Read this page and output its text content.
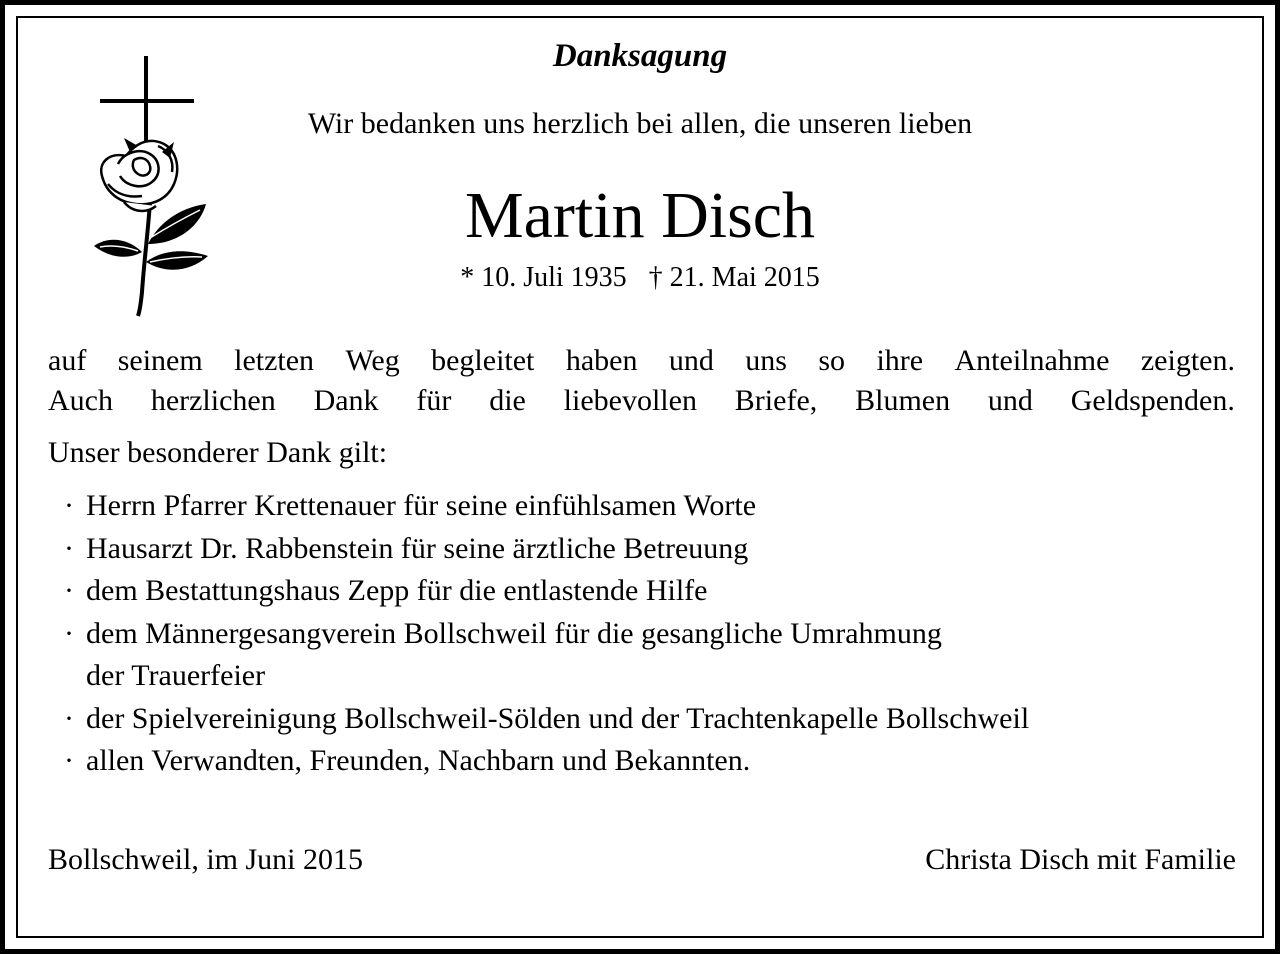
Danksagung
Wir bedanken uns herzlich bei allen, die unseren lieben
Martin Disch
* 10. Juli 1935 † 21. Mai 2015
auf seinem letzten Weg begleitet haben und uns so ihre Anteilnahme zeigten.
Auch herzlichen Dank für die liebevollen Briefe, Blumen und Geldspenden.
Unser besonderer Dank gilt:
· Herrn Pfarrer Krettenauer für seine einfühlsamen Worte
· Hausarzt Dr. Rabbenstein für seine ärztliche Betreuung
· dem Bestattungshaus Zepp für die entlastende Hilfe
· dem Männergesangverein Bollschweil für die gesangliche Umrahmung
der Trauerfeier
· der Spielvereinigung Bollschweil-Sölden und der Trachtenkapelle Bollschweil
· allen Verwandten, Freunden, Nachbarn und Bekannten.
Bollschweil, im Juni 2015	Christa Disch mit Familie
